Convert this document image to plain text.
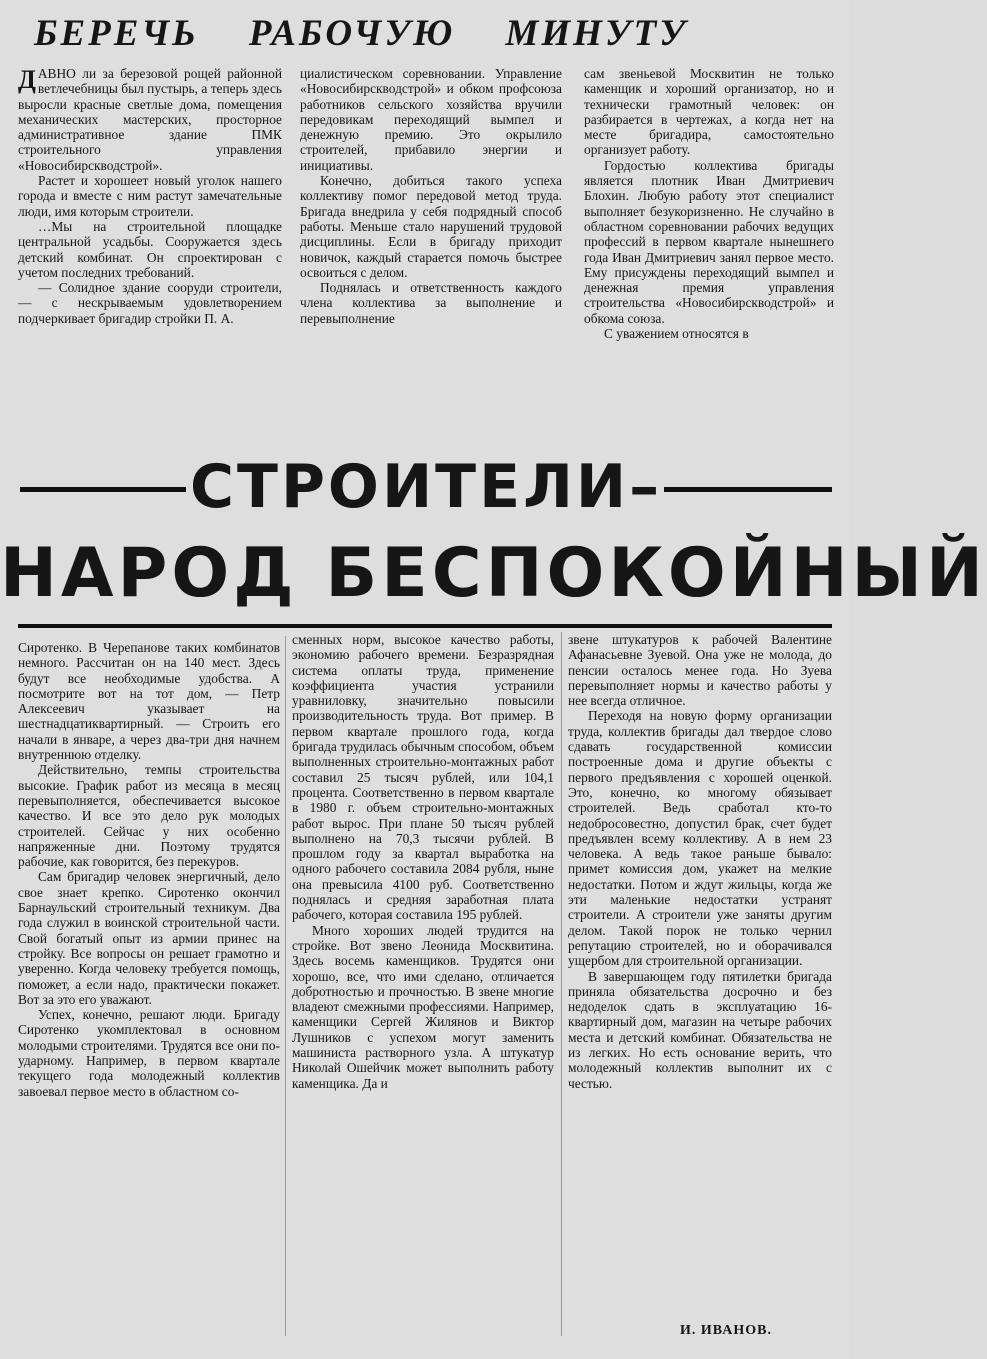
БЕРЕЧЬ РАБОЧУЮ МИНУТУ

ДАВНО ли за березовой рощей районной ветлечебницы был пустырь, а теперь здесь выросли красные светлые дома, помещения механических мастерских, просторное административное здание ПМК строительного управления «Новосибирскводстрой».

Растет и хорошеет новый уголок нашего города и вместе с ним растут замечательные люди, имя которым строители.

…Мы на строительной площадке центральной усадьбы. Сооружается здесь детский комбинат. Он спроектирован с учетом последних требований.

— Солидное здание сооруди строители, — с нескрываемым удовлетворением подчеркивает бригадир стройки П. А.

циалистическом соревновании. Управление «Новосибирскводстрой» и обком профсоюза работников сельского хозяйства вручили передовикам переходящий вымпел и денежную премию. Это окрылило строителей, прибавило энергии и инициативы.

Конечно, добиться такого успеха коллективу помог передовой метод труда. Бригада внедрила у себя подрядный способ работы. Меньше стало нарушений трудовой дисциплины. Если в бригаду приходит новичок, каждый старается помочь быстрее освоиться с делом.

Поднялась и ответственность каждого члена коллектива за выполнение и перевыполнение

сам звеньевой Москвитин не только каменщик и хороший организатор, но и технически грамотный человек: он разбирается в чертежах, а когда нет на месте бригадира, самостоятельно организует работу.

Гордостью коллектива бригады является плотник Иван Дмитриевич Блохин. Любую работу этот специалист выполняет безукоризненно. Не случайно в областном соревновании рабочих ведущих профессий в первом квартале нынешнего года Иван Дмитриевич занял первое место. Ему присуждены переходящий вымпел и денежная премия управления строительства «Новосибирскводстрой» и обкома союза.

С уважением относятся в

СТРОИТЕЛИ–
НАРОД БЕСПОКОЙНЫЙ

Сиротенко. В Черепанове таких комбинатов немного. Рассчитан он на 140 мест. Здесь будут все необходимые удобства. А посмотрите вот на тот дом, — Петр Алексеевич указывает на шестнадцатиквартирный. — Строить его начали в январе, а через два-три дня начнем внутреннюю отделку.

Действительно, темпы строительства высокие. График работ из месяца в месяц перевыполняется, обеспечивается высокое качество. И все это дело рук молодых строителей. Сейчас у них особенно напряженные дни. Поэтому трудятся рабочие, как говорится, без перекуров.

Сам бригадир человек энергичный, дело свое знает крепко. Сиротенко окончил Барнаульский строительный техникум. Два года служил в воинской строительной части. Свой богатый опыт из армии принес на стройку. Все вопросы он решает грамотно и уверенно. Когда человеку требуется помощь, поможет, а если надо, практически покажет. Вот за это его уважают.

Успех, конечно, решают люди. Бригаду Сиротенко укомплектовал в основном молодыми строителями. Трудятся все они по-ударному. Например, в первом квартале текущего года молодежный коллектив завоевал первое место в областном со-

сменных норм, высокое качество работы, экономию рабочего времени. Безразрядная система оплаты труда, применение коэффициента участия устранили уравниловку, значительно повысили производительность труда. Вот пример. В первом квартале прошлого года, когда бригада трудилась обычным способом, объем выполненных строительно-монтажных работ составил 25 тысяч рублей, или 104,1 процента. Соответственно в первом квартале в 1980 г. объем строительно-монтажных работ вырос. При плане 50 тысяч рублей выполнено на 70,3 тысячи рублей. В прошлом году за квартал выработка на одного рабочего составила 2084 рубля, ныне она превысила 4100 руб. Соответственно поднялась и средняя заработная плата рабочего, которая составила 195 рублей.

Много хороших людей трудится на стройке. Вот звено Леонида Москвитина. Здесь восемь каменщиков. Трудятся они хорошо, все, что ими сделано, отличается добротностью и прочностью. В звене многие владеют смежными профессиями. Например, каменщики Сергей Жилянов и Виктор Лушников с успехом могут заменить машиниста растворного узла. А штукатур Николай Ошейчик может выполнить работу каменщика. Да и

звене штукатуров к рабочей Валентине Афанасьевне Зуевой. Она уже не молода, до пенсии осталось менее года. Но Зуева перевыполняет нормы и качество работы у нее всегда отличное.

Переходя на новую форму организации труда, коллектив бригады дал твердое слово сдавать государственной комиссии построенные дома и другие объекты с первого предъявления с хорошей оценкой. Это, конечно, ко многому обязывает строителей. Ведь сработал кто-то недобросовестно, допустил брак, счет будет предъявлен всему коллективу. А в нем 23 человека. А ведь такое раньше бывало: примет комиссия дом, укажет на мелкие недостатки. Потом и ждут жильцы, когда же эти маленькие недостатки устранят строители. А строители уже заняты другим делом. Такой порок не только чернил репутацию строителей, но и оборачивался ущербом для строительной организации.

В завершающем году пятилетки бригада приняла обязательства досрочно и без недоделок сдать в эксплуатацию 16-квартирный дом, магазин на четыре рабочих места и детский комбинат. Обязательства не из легких. Но есть основание верить, что молодежный коллектив выполнит их с честью.

И. ИВАНОВ.
